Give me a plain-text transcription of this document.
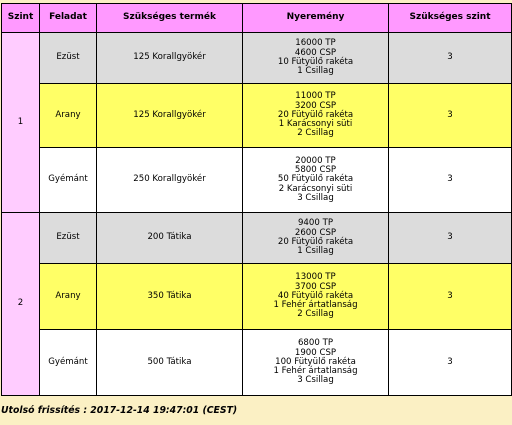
Szint	Feladat	Szükséges termék	Nyeremény	Szükséges szint
1	Ezüst	125 Korallgyökér	16000 TP
4600 CSP
10 Fütyülő rakéta
1 Csillag	3
	Arany	125 Korallgyökér	11000 TP
3200 CSP
20 Fütyülő rakéta
1 Karácsonyi süti
2 Csillag	3
	Gyémánt	250 Korallgyökér	20000 TP
5800 CSP
50 Fütyülő rakéta
2 Karácsonyi süti
3 Csillag	3
2	Ezüst	200 Tátika	9400 TP
2600 CSP
20 Fütyülő rakéta
1 Csillag	3
	Arany	350 Tátika	13000 TP
3700 CSP
40 Fütyülő rakéta
1 Fehér ártatlanság
2 Csillag	3
	Gyémánt	500 Tátika	6800 TP
1900 CSP
100 Fütyülő rakéta
1 Fehér ártatlanság
3 Csillag	3
Utolsó frissítés : 2017-12-14 19:47:01 (CEST)
